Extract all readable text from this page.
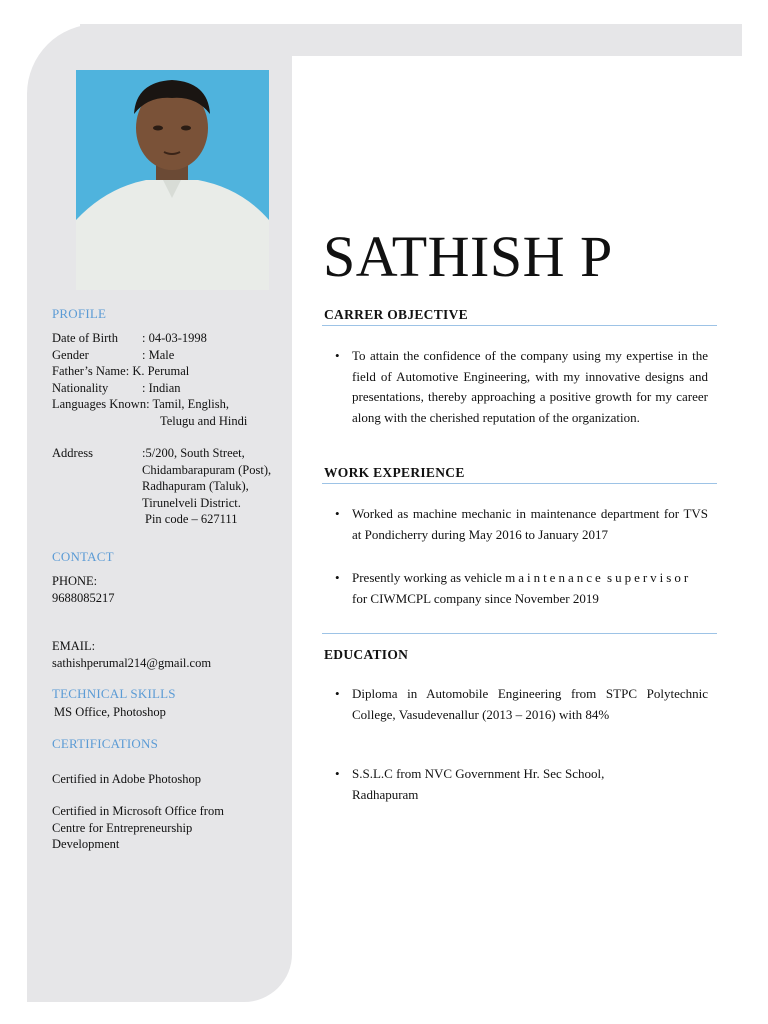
PROFILE
Date of Birth : 04-03-1998
Gender	: Male
Father’s Name: K. Perumal
Nationality	: Indian
Languages Known: Tamil, English,
Telugu and Hindi
Address	:5/200, South Street,
Chidambarapuram (Post),
Radhapuram (Taluk),
Tirunelveli District.
Pin code – 627111
CONTACT
PHONE:
9688085217
EMAIL:
sathishperumal214@gmail.com
TECHNICAL SKILLS
MS Office, Photoshop
CERTIFICATIONS
Certified in Adobe Photoshop
Certified in Microsoft Office from
Centre for Entrepreneurship
Development
SATHISH P
CARRER OBJECTIVE
• To attain the confidence of the company using my expertise in the field of Automotive Engineering, with my innovative designs and presentations, thereby approaching a positive growth for my career along with the cherished reputation of the organization.
WORK EXPERIENCE
• Worked as machine mechanic in maintenance department for TVS at Pondicherry during May 2016 to January 2017
• Presently working as vehicle maintenance supervisor for CIWMCPL company since November 2019
EDUCATION
• Diploma in Automobile Engineering from STPC Polytechnic College, Vasudevenallur (2013 – 2016) with 84%
• S.S.L.C from NVC Government Hr. Sec School, Radhapuram
